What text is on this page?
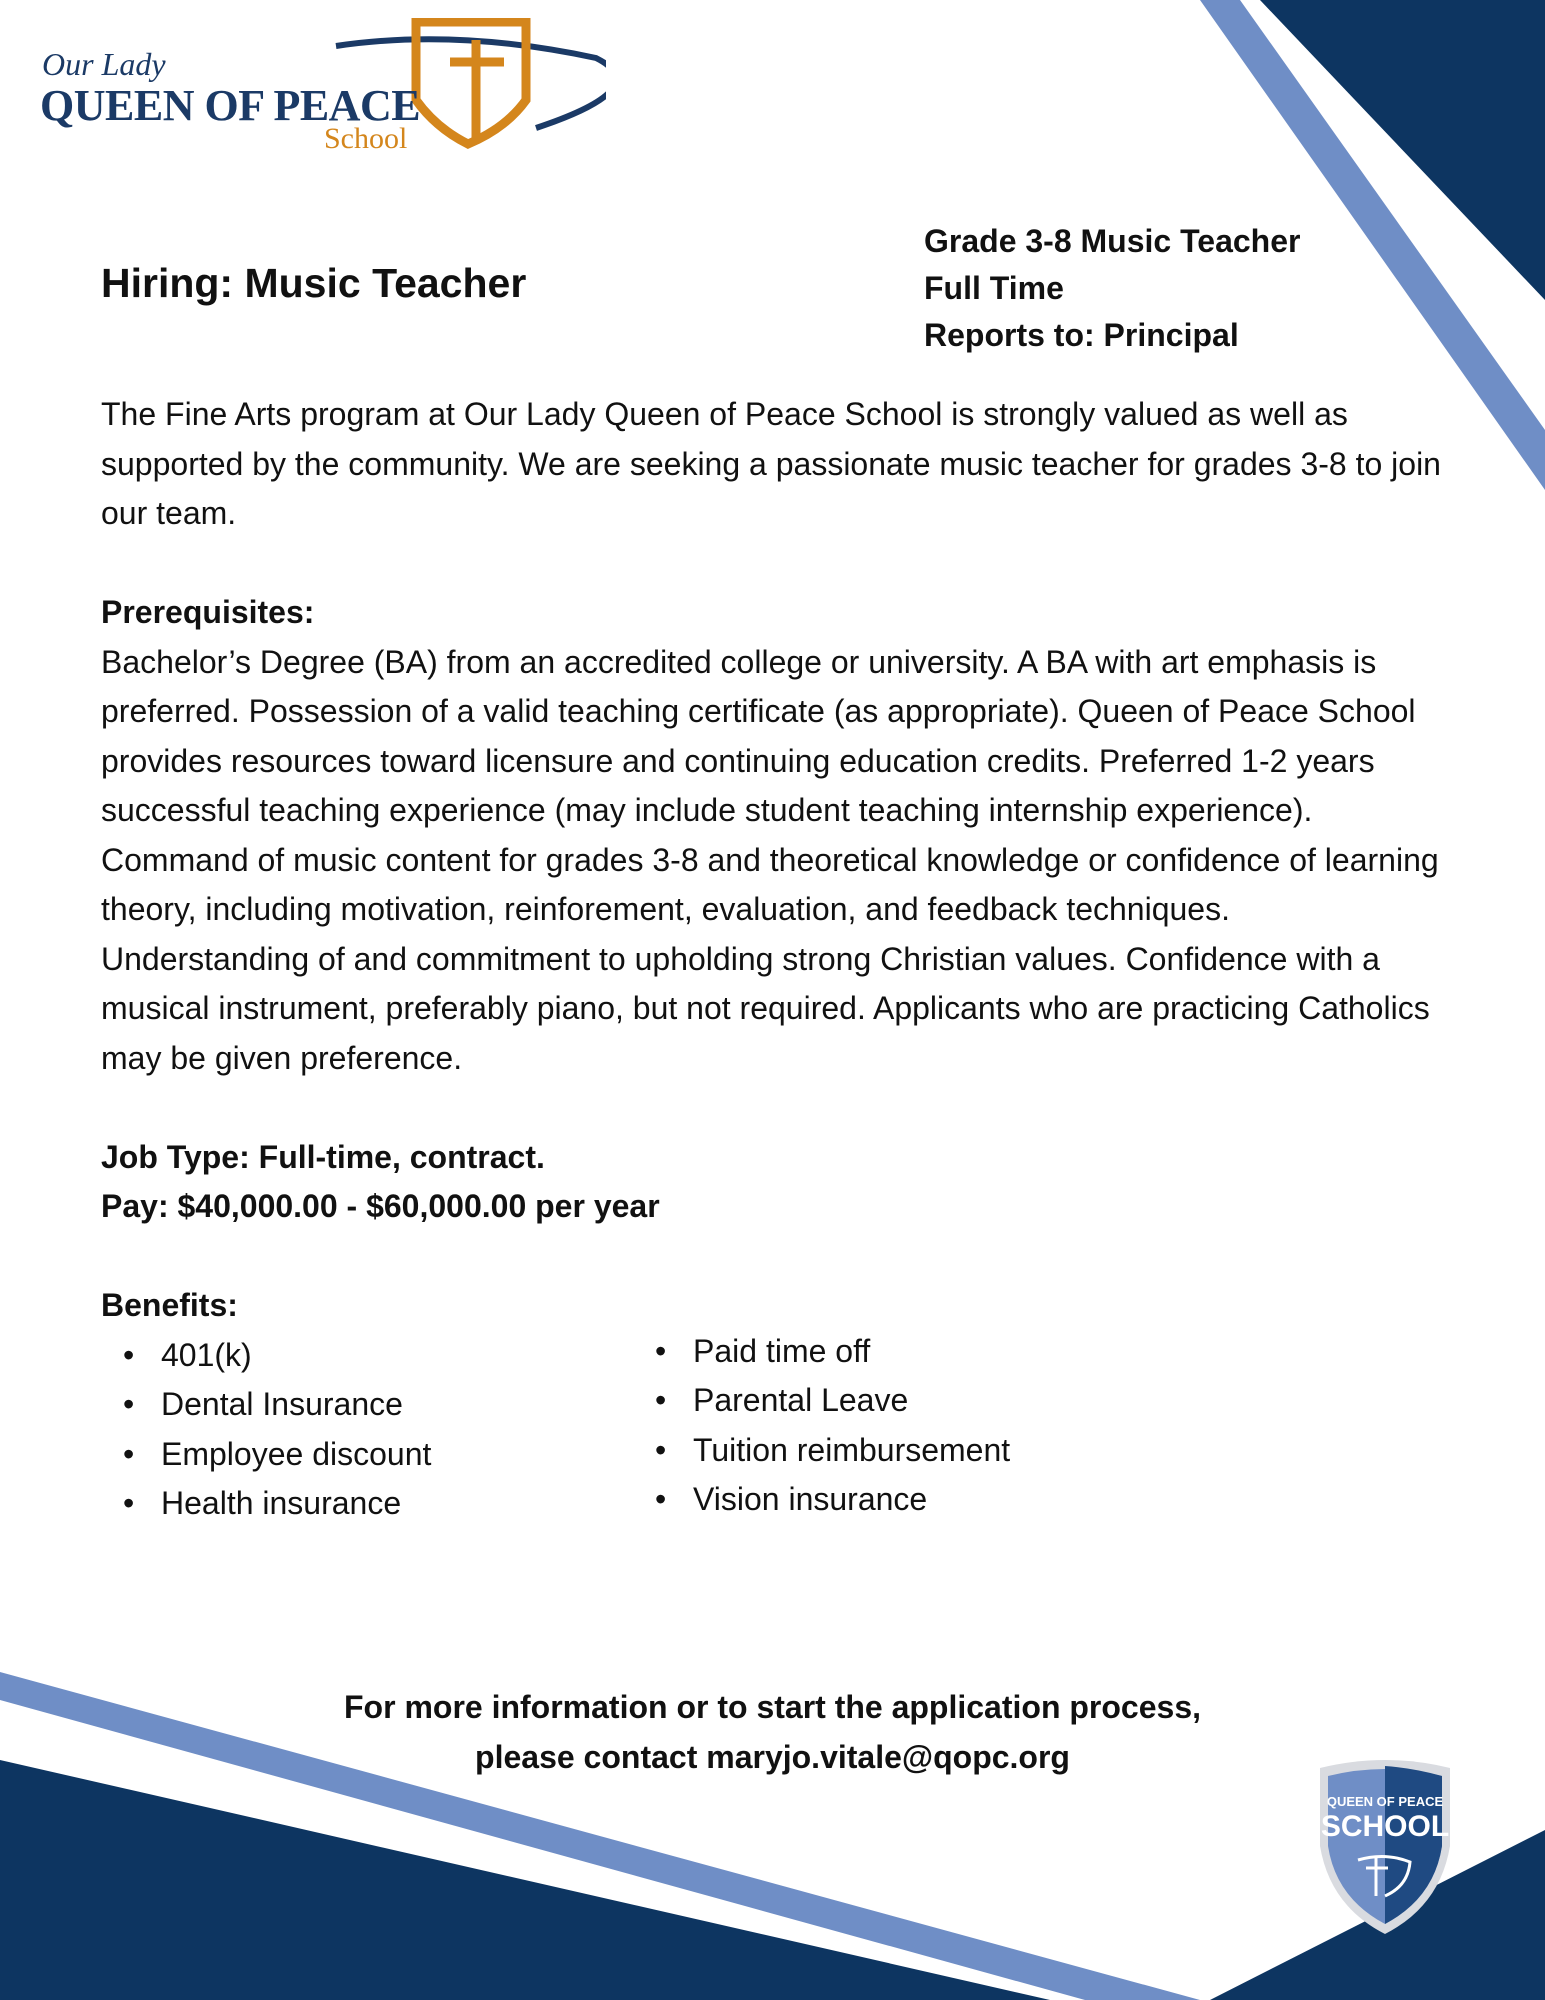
Our Lady
QUEEN OF PEACE
School
Hiring: Music Teacher
Grade 3-8 Music Teacher
Full Time
Reports to: Principal

The Fine Arts program at Our Lady Queen of Peace School is strongly valued as well as supported by the community. We are seeking a passionate music teacher for grades 3-8 to join our team.

Prerequisites:

Bachelor’s Degree (BA) from an accredited college or university. A BA with art emphasis is preferred. Possession of a valid teaching certificate (as appropriate). Queen of Peace School provides resources toward licensure and continuing education credits. Preferred 1-2 years successful teaching experience (may include student teaching internship experience). Command of music content for grades 3-8 and theoretical knowledge or confidence of learning theory, including motivation, reinforement, evaluation, and feedback techniques.

Understanding of and commitment to upholding strong Christian values. Confidence with a musical instrument, preferably piano, but not required. Applicants who are practicing Catholics may be given preference.

Job Type: Full-time, contract.

Pay: $40,000.00 - $60,000.00 per year

Benefits:

• 401(k)
• Dental Insurance
• Employee discount
• Health insurance
• Paid time off
• Parental Leave
• Tuition reimbursement
• Vision insurance
For more information or to start the application process,
please contact maryjo.vitale@qopc.org
QUEEN OF PEACE
SCHOOL
